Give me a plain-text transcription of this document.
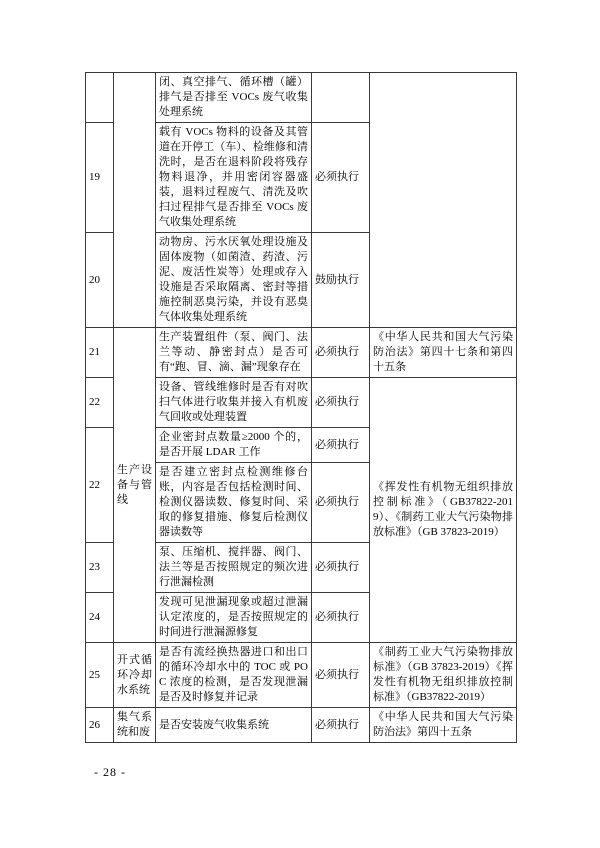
		闭、真空排气、循环槽（罐）排气是否排至 VOCs 废气收集处理系统		
19		载有 VOCs 物料的设备及其管道在开停工（车）、检维修和清洗时，是否在退料阶段将残存物料退净，并用密闭容器盛装，退料过程废气、清洗及吹扫过程排气是否排至 VOCs 废气收集处理系统	必须执行	
20		动物房、污水厌氧处理设施及固体废物（如菌渣、药渣、污泥、废活性炭等）处理或存入设施是否采取隔离、密封等措施控制恶臭污染，并设有恶臭气体收集处理系统	鼓励执行	
21	生产设备与管线	生产装置组件（泵、阀门、法兰等动、静密封点）是否可有“跑、冒、滴、漏”现象存在	必须执行	《中华人民共和国大气污染防治法》第四十七条和第四十五条
22		设备、管线维修时是否有对吹扫气体进行收集并接入有机废气回收或处理装置	必须执行	《挥发性有机物无组织排放控制标准》（GB37822-2019）、《制药工业大气污染物排放标准》（GB 37823-2019）
22		企业密封点数量≥2000 个的，是否开展 LDAR 工作	必须执行	
		是否建立密封点检测维修台账，内容是否包括检测时间、检测仪器读数、修复时间、采取的修复措施、修复后检测仪器读数等	必须执行	
23		泵、压缩机、搅拌器、阀门、法兰等是否按照规定的频次进行泄漏检测	必须执行	
24		发现可见泄漏现象或超过泄漏认定浓度的，是否按照规定的时间进行泄漏源修复	必须执行	
25	开式循环冷却水系统	是否有流经换热器进口和出口的循环冷却水中的 TOC 或 POC 浓度的检测，是否发现泄漏是否及时修复并记录	必须执行	《制药工业大气污染物排放标准》（GB 37823-2019）《挥发性有机物无组织排放控制标准》（GB37822-2019）
26	集气系统和废	是否安装废气收集系统	必须执行	《中华人民共和国大气污染防治法》第四十五条
- 28 -
